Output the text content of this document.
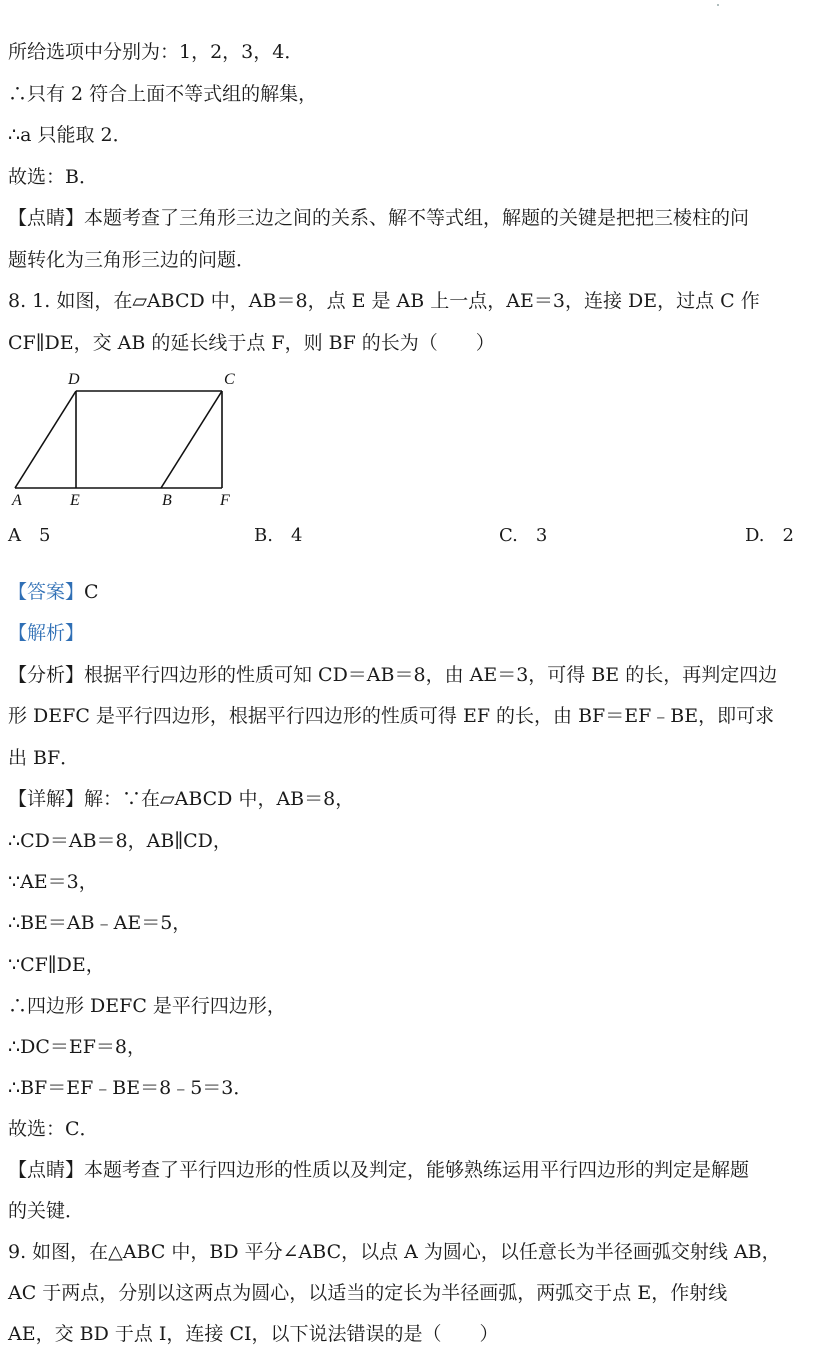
所给选项中分别为：1，2，3，4．
∴只有 2 符合上面不等式组的解集，
∴a 只能取 2．
故选：B．
【点睛】本题考查了三角形三边之间的关系、解不等式组，解题的关键是把把三棱柱的问
题转化为三角形三边的问题．
8. 1. 如图，在▱ABCD 中，AB＝8，点 E 是 AB 上一点，AE＝3，连接 DE，过点 C 作
CF∥DE，交 AB 的延长线于点 F，则 BF 的长为（　　）
D	C
A	E	B	F
A　5	B.　4	C.　3	D.　2
【答案】C
【解析】
【分析】根据平行四边形的性质可知 CD＝AB＝8，由 AE＝3，可得 BE 的长，再判定四边
形 DEFC 是平行四边形，根据平行四边形的性质可得 EF 的长，由 BF＝EF﹣BE，即可求
出 BF．
【详解】解：∵在▱ABCD 中，AB＝8，
∴CD＝AB＝8，AB∥CD，
∵AE＝3，
∴BE＝AB﹣AE＝5，
∵CF∥DE，
∴四边形 DEFC 是平行四边形，
∴DC＝EF＝8，
∴BF＝EF﹣BE＝8﹣5＝3．
故选：C．
【点睛】本题考查了平行四边形的性质以及判定，能够熟练运用平行四边形的判定是解题
的关键．
9. 如图，在△ABC 中，BD 平分∠ABC，以点 A 为圆心，以任意长为半径画弧交射线 AB，
AC 于两点，分别以这两点为圆心，以适当的定长为半径画弧，两弧交于点 E，作射线
AE，交 BD 于点 I，连接 CI，以下说法错误的是（　　）
